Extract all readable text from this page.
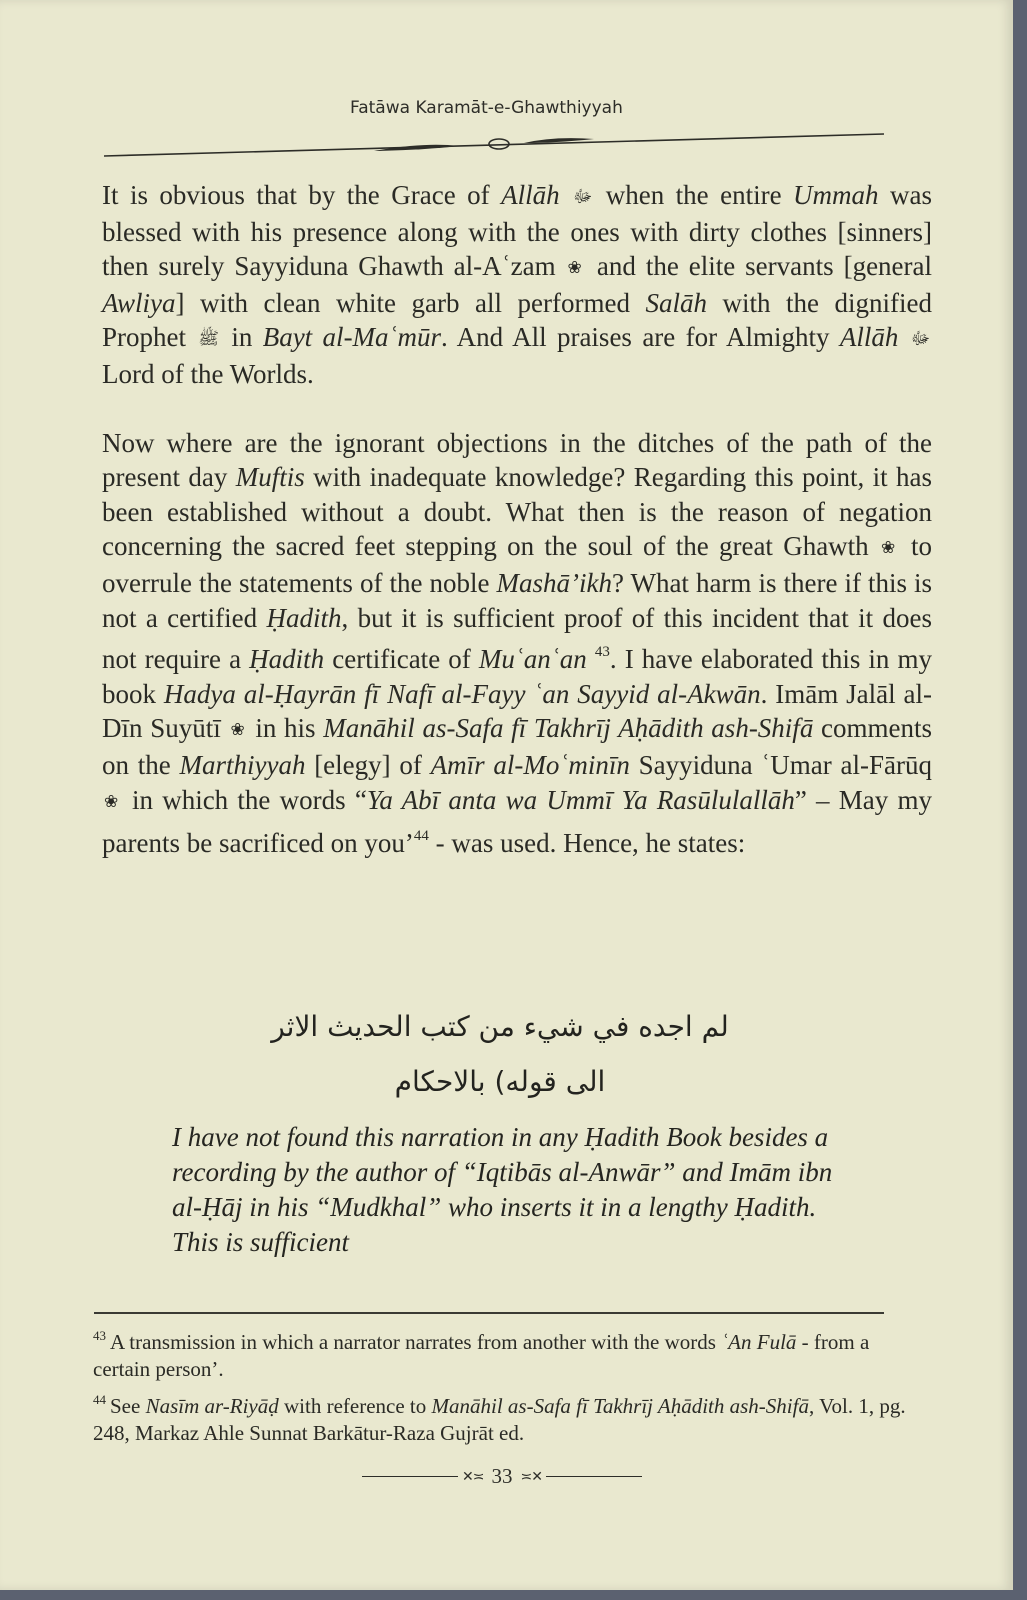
Fatāwa Karamāt-e-Ghawthiyyah

It is obvious that by the Grace of Allāh ﷻ when the entire Ummah was blessed with his presence along with the ones with dirty clothes [sinners] then surely Sayyiduna Ghawth al-Aʿzam ❀ and the elite servants [general Awliya] with clean white garb all performed Salāh with the dignified Prophet ﷺ in Bayt al-Maʿmūr. And All praises are for Almighty Allāh ﷻ Lord of the Worlds.

Now where are the ignorant objections in the ditches of the path of the present day Muftis with inadequate knowledge? Regarding this point, it has been established without a doubt. What then is the reason of negation concerning the sacred feet stepping on the soul of the great Ghawth ❀ to overrule the statements of the noble Mashā’ikh? What harm is there if this is not a certified Ḥadith, but it is sufficient proof of this incident that it does not require a Ḥadith certificate of Muʿanʿan $^{43}$. I have elaborated this in my book Hadya al-Ḥayrān fī Nafī al-Fayy ʿan Sayyid al-Akwān. Imām Jalāl al-Dīn Suyūtī ❀ in his Manāhil as-Safa fī Takhrīj Aḥādith ash-Shifā comments on the Marthiyyah [elegy] of Amīr al-Moʿminīn Sayyiduna ʿUmar al-Fārūq ❀ in which the words “Ya Abī anta wa Ummī Ya Rasūlulallāh” – May my parents be sacrificed on you’$^{44}$ - was used. Hence, he states:

لم اجده في شيء من كتب الحديث الاثر
الى قوله) بالاحكام
I have not found this narration in any Ḥadith Book besides a recording by the author of “Iqtibās al-Anwār” and Imām ibn al-Ḥāj in his “Mudkhal” who inserts it in a lengthy Ḥadith. This is sufficient
$^{43}$ A transmission in which a narrator narrates from another with the words ʿAn Fulā - from a certain person’.
$^{44}$ See Nasīm ar-Riyāḍ with reference to Manāhil as-Safa fī Takhrīj Aḥādith ash-Shifā, Vol. 1, pg. 248, Markaz Ahle Sunnat Barkātur-Raza Gujrāt ed.
✕≍ 33 ≍✕
